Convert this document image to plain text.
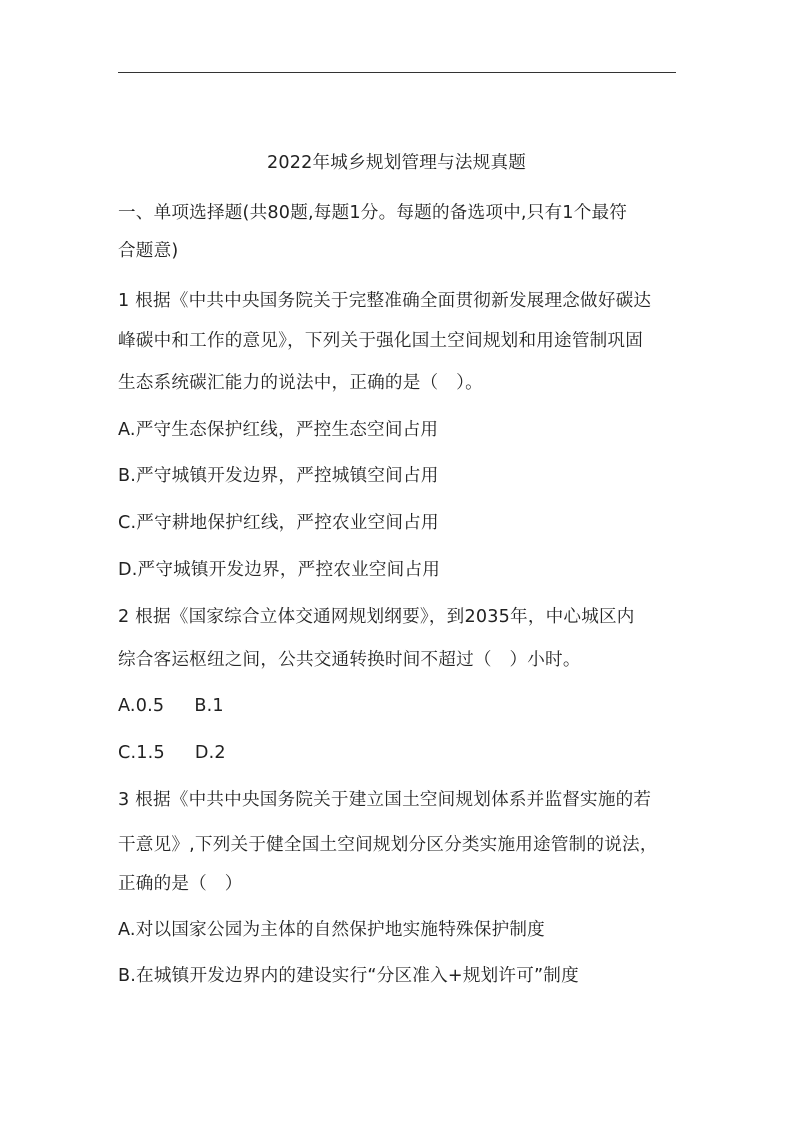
2022年城乡规划管理与法规真题
一、单项选择题(共80题,每题1分。每题的备选项中,只有1个最符
合题意)
1 根据《中共中央国务院关于完整准确全面贯彻新发展理念做好碳达
峰碳中和工作的意见》，下列关于强化国土空间规划和用途管制巩固
生态系统碳汇能力的说法中，正确的是（　）。
A.严守生态保护红线，严控生态空间占用
B.严守城镇开发边界，严控城镇空间占用
C.严守耕地保护红线，严控农业空间占用
D.严守城镇开发边界，严控农业空间占用
2 根据《国家综合立体交通网规划纲要》，到2035年，中心城区内
综合客运枢纽之间，公共交通转换时间不超过（　）小时。
A.0.5 B.1
C.1.5 D.2
3 根据《中共中央国务院关于建立国土空间规划体系并监督实施的若
干意见》,下列关于健全国土空间规划分区分类实施用途管制的说法，
正确的是（　）
A.对以国家公园为主体的自然保护地实施特殊保护制度
B.在城镇开发边界内的建设实行“分区准入+规划许可”制度
